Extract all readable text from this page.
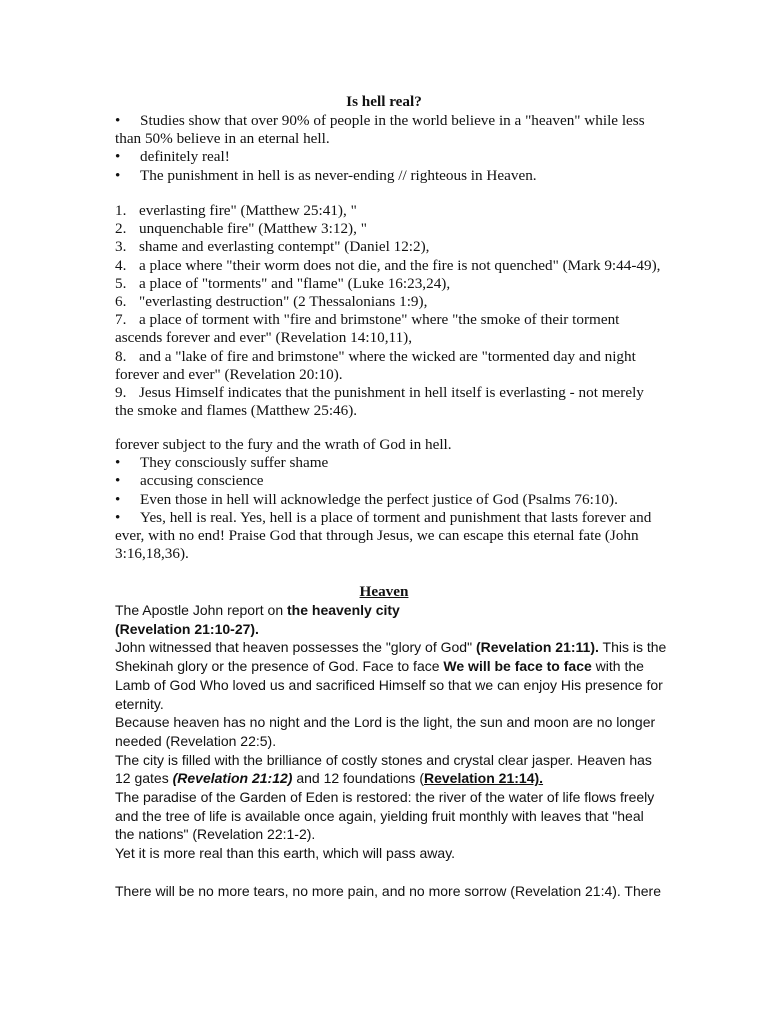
Is hell real?
• Studies show that over 90% of people in the world believe in a "heaven" while less
than 50% believe in an eternal hell.
• definitely real!
• The punishment in hell is as never-ending // righteous in Heaven.
1. everlasting fire" (Matthew 25:41), "
2. unquenchable fire" (Matthew 3:12), "
3. shame and everlasting contempt" (Daniel 12:2),
4. a place where "their worm does not die, and the fire is not quenched" (Mark 9:44-49),
5. a place of "torments" and "flame" (Luke 16:23,24),
6. "everlasting destruction" (2 Thessalonians 1:9),
7. a place of torment with "fire and brimstone" where "the smoke of their torment
ascends forever and ever" (Revelation 14:10,11),
8. and a "lake of fire and brimstone" where the wicked are "tormented day and night
forever and ever" (Revelation 20:10).
9. Jesus Himself indicates that the punishment in hell itself is everlasting - not merely
the smoke and flames (Matthew 25:46).
forever subject to the fury and the wrath of God in hell.
• They consciously suffer shame
• accusing conscience
• Even those in hell will acknowledge the perfect justice of God (Psalms 76:10).
• Yes, hell is real. Yes, hell is a place of torment and punishment that lasts forever and
ever, with no end! Praise God that through Jesus, we can escape this eternal fate (John
3:16,18,36).
Heaven
The Apostle John report on the heavenly city
(Revelation 21:10-27).
John witnessed that heaven possesses the "glory of God" (Revelation 21:11). This is the
Shekinah glory or the presence of God. Face to face We will be face to face with the
Lamb of God Who loved us and sacrificed Himself so that we can enjoy His presence for
eternity.
Because heaven has no night and the Lord is the light, the sun and moon are no longer
needed (Revelation 22:5).
The city is filled with the brilliance of costly stones and crystal clear jasper. Heaven has
12 gates (Revelation 21:12) and 12 foundations (Revelation 21:14).
The paradise of the Garden of Eden is restored: the river of the water of life flows freely
and the tree of life is available once again, yielding fruit monthly with leaves that "heal
the nations" (Revelation 22:1-2).
Yet it is more real than this earth, which will pass away.

There will be no more tears, no more pain, and no more sorrow (Revelation 21:4). There
